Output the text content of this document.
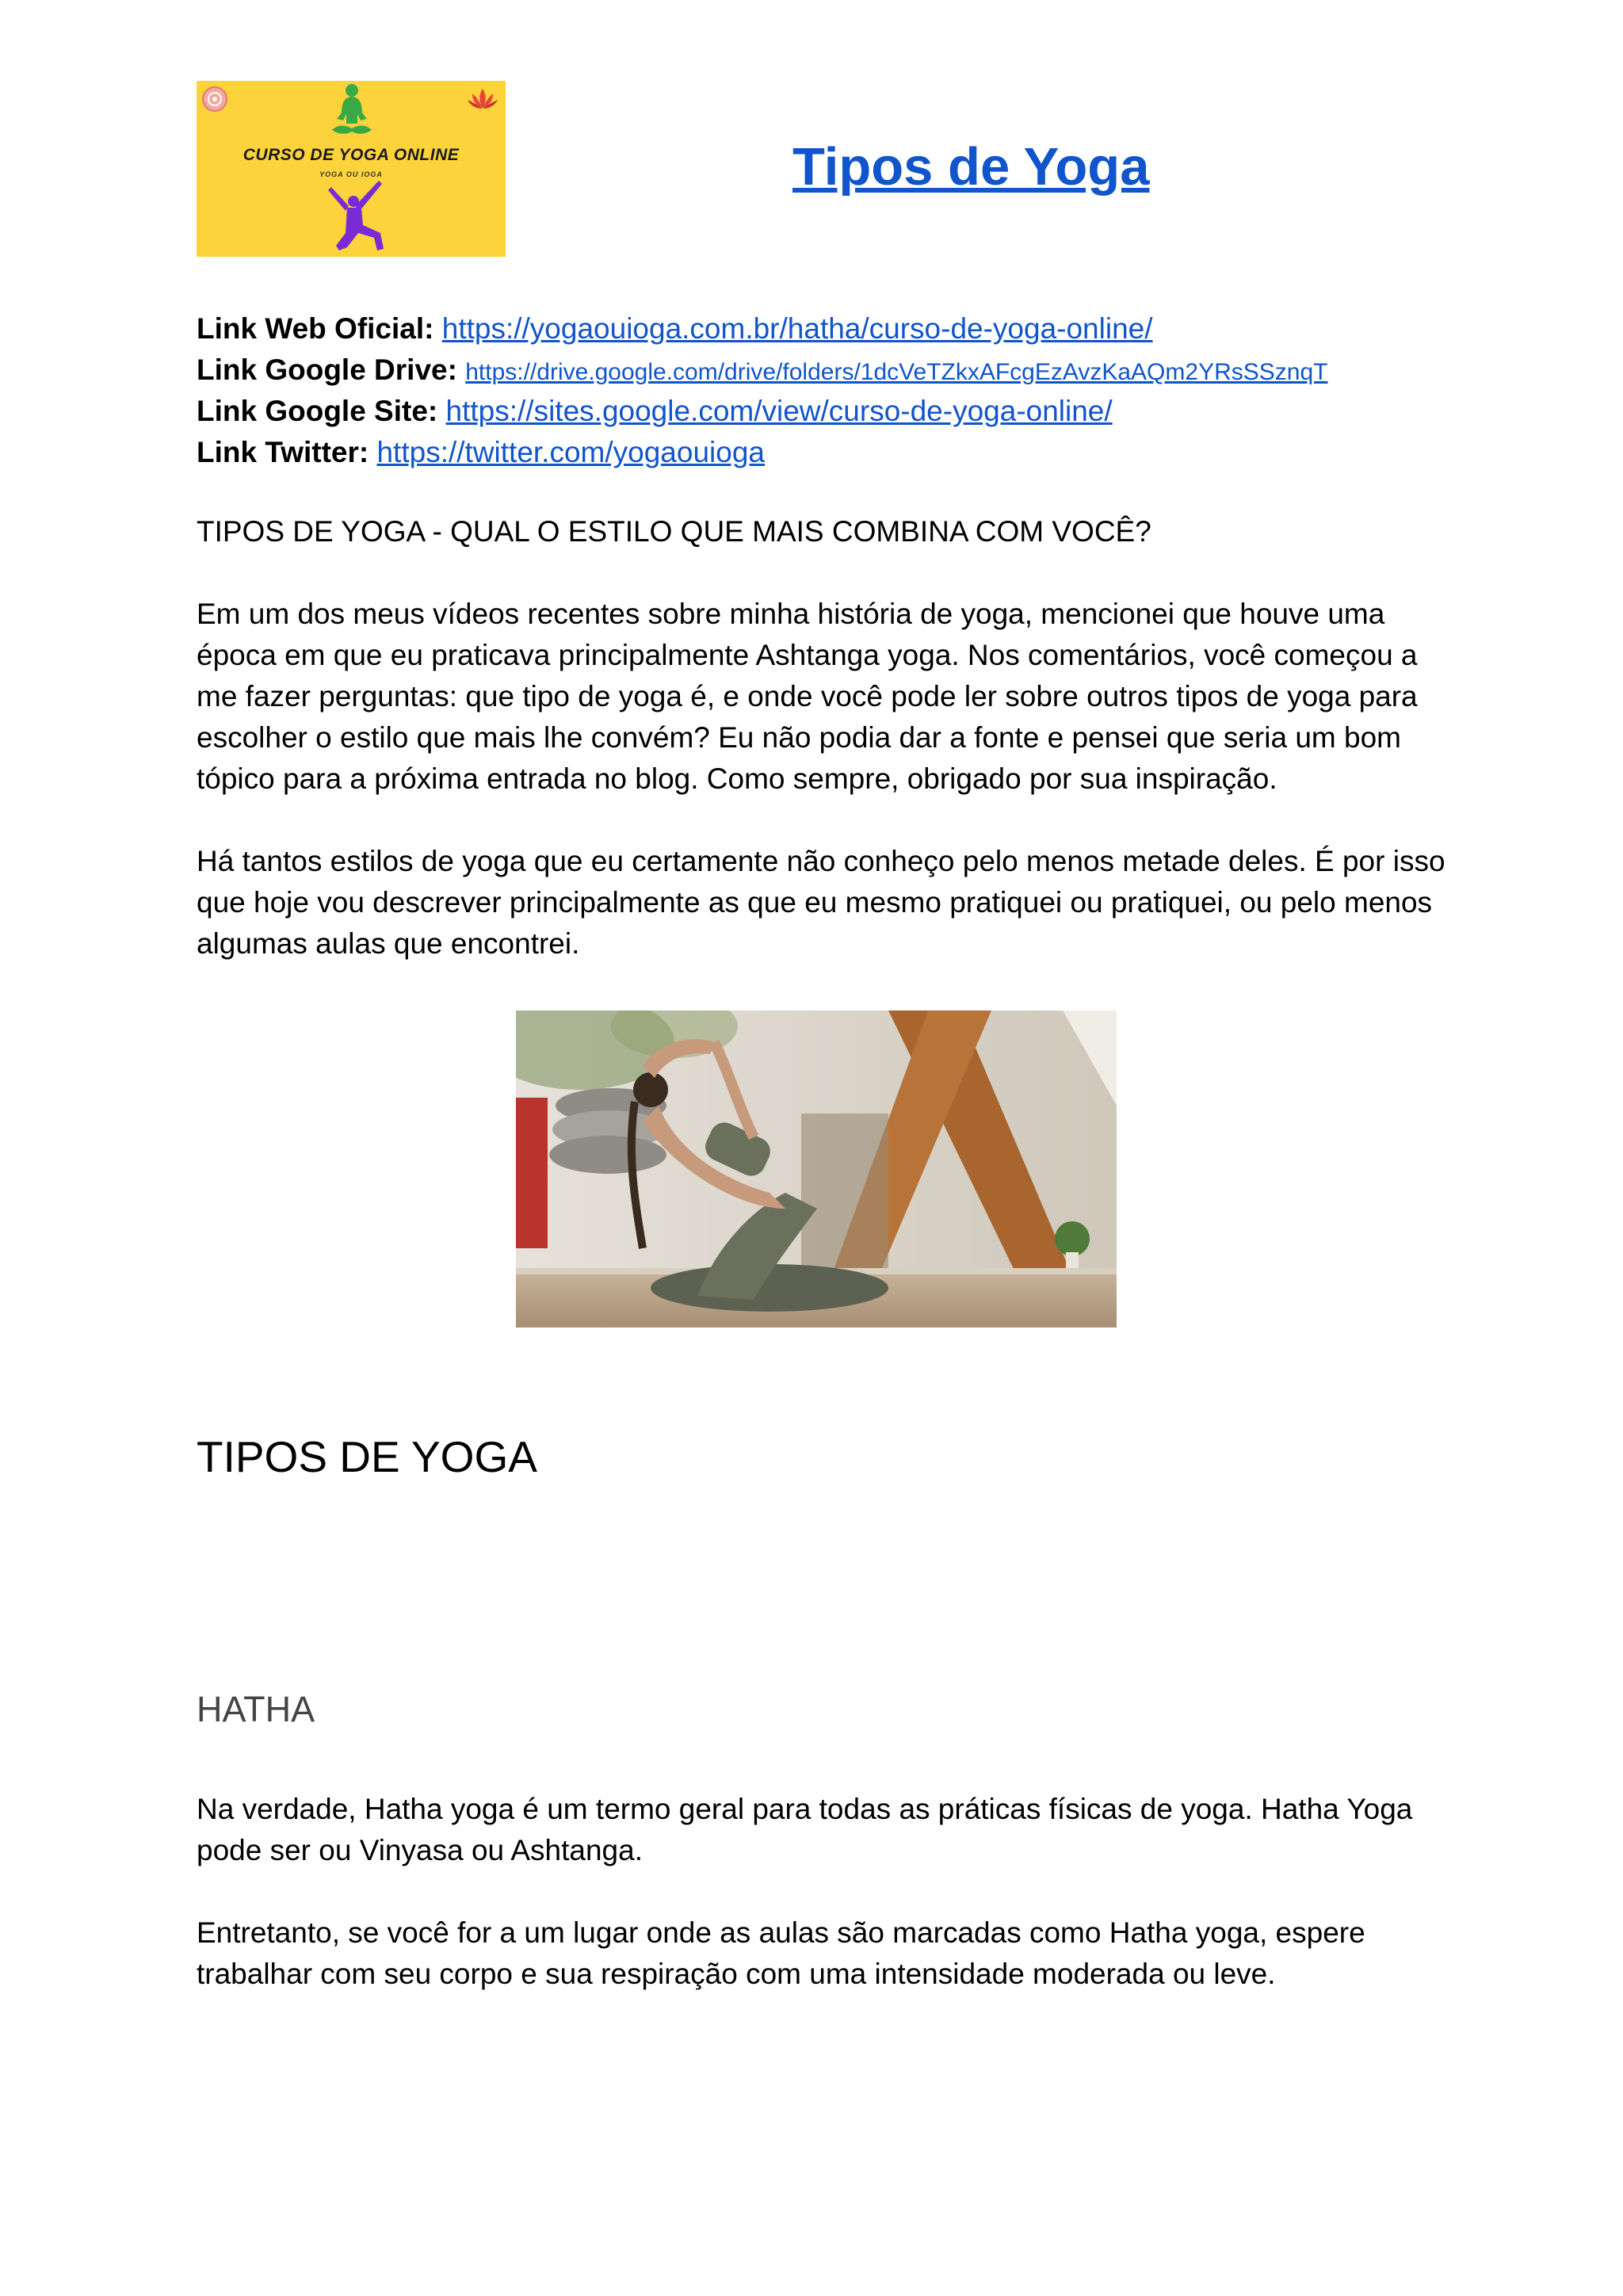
CURSO DE YOGA ONLINE
YOGA OU IOGA	Tipos de Yoga
Link Web Oficial: https://yogaouioga.com.br/hatha/curso-de-yoga-online/
Link Google Drive: https://drive.google.com/drive/folders/1dcVeTZkxAFcgEzAvzKaAQm2YRsSSznqT
Link Google Site: https://sites.google.com/view/curso-de-yoga-online/
Link Twitter: https://twitter.com/yogaouioga
TIPOS DE YOGA - QUAL O ESTILO QUE MAIS COMBINA COM VOCÊ?
Em um dos meus vídeos recentes sobre minha história de yoga, mencionei que houve uma época em que eu praticava principalmente Ashtanga yoga. Nos comentários, você começou a me fazer perguntas: que tipo de yoga é, e onde você pode ler sobre outros tipos de yoga para escolher o estilo que mais lhe convém? Eu não podia dar a fonte e pensei que seria um bom tópico para a próxima entrada no blog. Como sempre, obrigado por sua inspiração.
Há tantos estilos de yoga que eu certamente não conheço pelo menos metade deles. É por isso que hoje vou descrever principalmente as que eu mesmo pratiquei ou pratiquei, ou pelo menos algumas aulas que encontrei.
TIPOS DE YOGA
HATHA
Na verdade, Hatha yoga é um termo geral para todas as práticas físicas de yoga. Hatha Yoga pode ser ou Vinyasa ou Ashtanga.
Entretanto, se você for a um lugar onde as aulas são marcadas como Hatha yoga, espere trabalhar com seu corpo e sua respiração com uma intensidade moderada ou leve.
